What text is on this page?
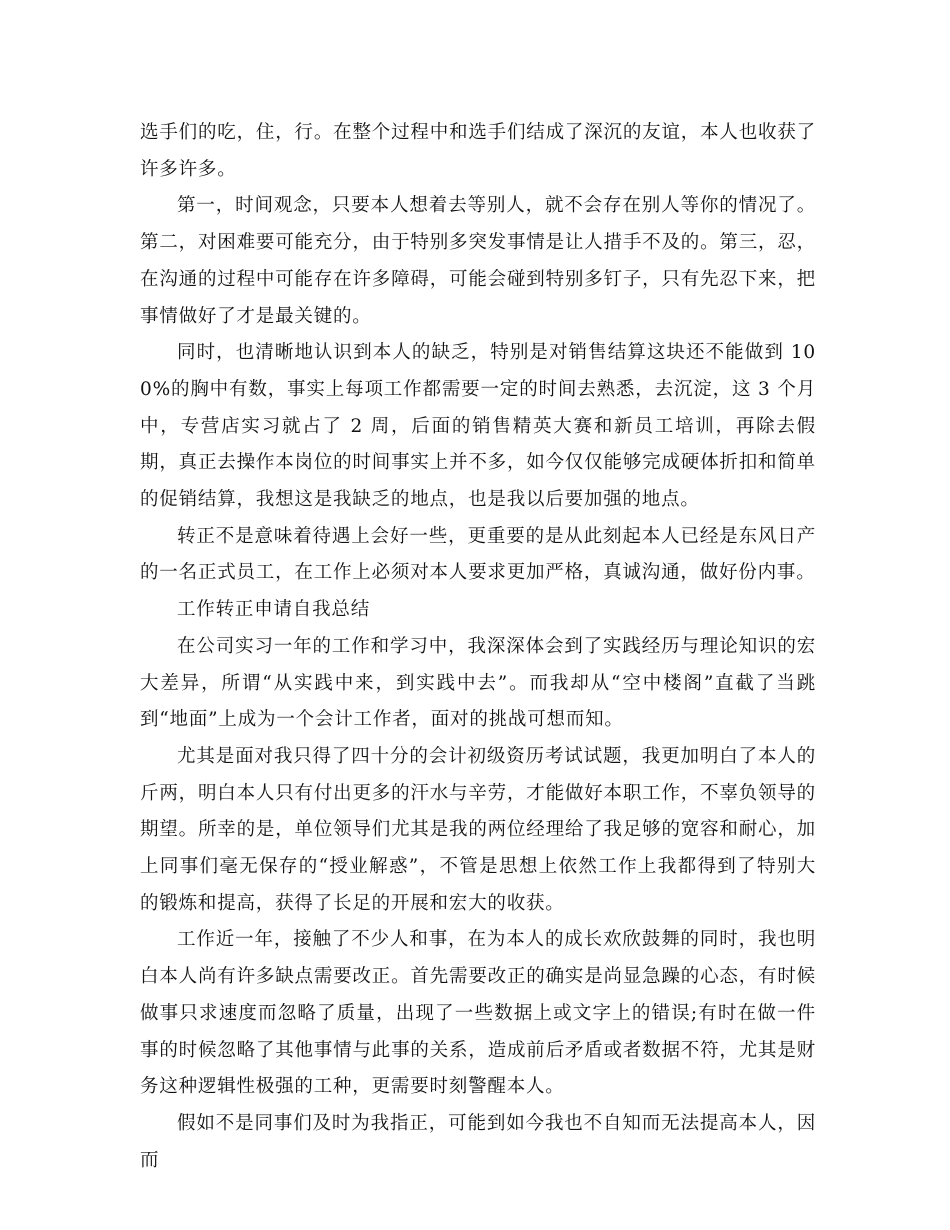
选手们的吃，住，行。在整个过程中和选手们结成了深沉的友谊，本人也收获了许多许多。

第一，时间观念，只要本人想着去等别人，就不会存在别人等你的情况了。第二，对困难要可能充分，由于特别多突发事情是让人措手不及的。第三，忍，在沟通的过程中可能存在许多障碍，可能会碰到特别多钉子，只有先忍下来，把事情做好了才是最关键的。

同时，也清晰地认识到本人的缺乏，特别是对销售结算这块还不能做到 100%的胸中有数，事实上每项工作都需要一定的时间去熟悉，去沉淀，这 3 个月中，专营店实习就占了 2 周，后面的销售精英大赛和新员工培训，再除去假期，真正去操作本岗位的时间事实上并不多，如今仅仅能够完成硬体折扣和简单的促销结算，我想这是我缺乏的地点，也是我以后要加强的地点。

转正不是意味着待遇上会好一些，更重要的是从此刻起本人已经是东风日产的一名正式员工，在工作上必须对本人要求更加严格，真诚沟通，做好份内事。

工作转正申请自我总结

在公司实习一年的工作和学习中，我深深体会到了实践经历与理论知识的宏大差异，所谓“从实践中来，到实践中去”。而我却从“空中楼阁”直截了当跳到“地面”上成为一个会计工作者，面对的挑战可想而知。

尤其是面对我只得了四十分的会计初级资历考试试题，我更加明白了本人的斤两，明白本人只有付出更多的汗水与辛劳，才能做好本职工作，不辜负领导的期望。所幸的是，单位领导们尤其是我的两位经理给了我足够的宽容和耐心，加上同事们毫无保存的“授业解惑”，不管是思想上依然工作上我都得到了特别大的锻炼和提高，获得了长足的开展和宏大的收获。

工作近一年，接触了不少人和事，在为本人的成长欢欣鼓舞的同时，我也明白本人尚有许多缺点需要改正。首先需要改正的确实是尚显急躁的心态，有时候做事只求速度而忽略了质量，出现了一些数据上或文字上的错误;有时在做一件事的时候忽略了其他事情与此事的关系，造成前后矛盾或者数据不符，尤其是财务这种逻辑性极强的工种，更需要时刻警醒本人。

假如不是同事们及时为我指正，可能到如今我也不自知而无法提高本人，因而
